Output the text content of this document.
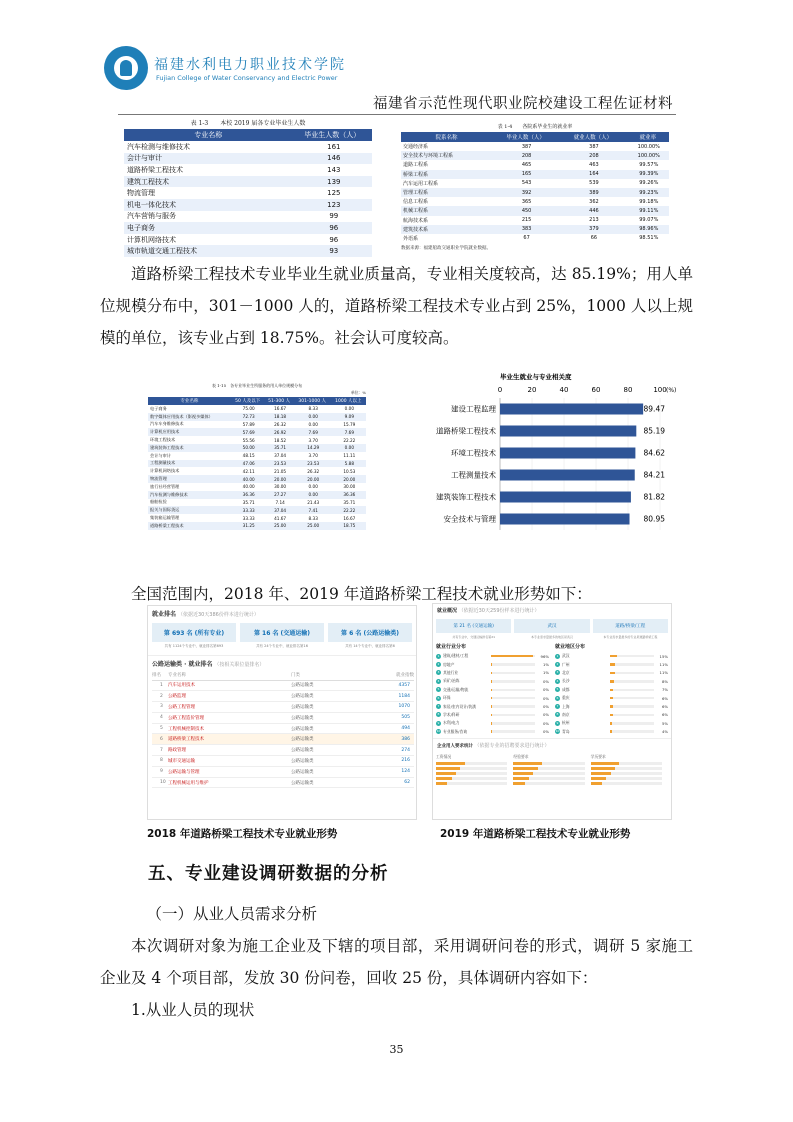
福建水利电力职业技术学院
Fujian College of Water Conservancy and Electric Power
福建省示范性现代职业院校建设工程佐证材料
表 1-3　　本校 2019 届各专业毕业生人数
专业名称	毕业生人数（人）
汽车检测与维修技术	161
会计与审计	146
道路桥梁工程技术	143
建筑工程技术	139
物流管理	125
机电一体化技术	123
汽车营销与服务	99
电子商务	96
计算机网络技术	96
城市轨道交通工程技术	93
表 1-4　　各院系毕业生的就业率
院系名称	毕业人数（人）	就业人数（人）	就业率
交通经济系	387	387	100.00%
安全技术与环境工程系	208	208	100.00%
道路工程系	465	463	99.57%
桥梁工程系	165	164	99.39%
汽车运用工程系	543	539	99.26%
管理工程系	392	389	99.23%
信息工程系	365	362	99.18%
机械工程系	450	446	99.11%
航海技术系	215	213	99.07%
建筑技术系	383	379	98.96%
外语系	67	66	98.51%
数据来源：福建船政交通职业学院就业数据。
道路桥梁工程技术专业毕业生就业质量高，专业相关度较高，达 85.19%；用人单位规模分布中，301－1000 人的，道路桥梁工程技术专业占到 25%，1000 人以上规模的单位，该专业占到 18.75%。社会认可度较高。
表 1-15　各专业毕业生所服务的用人单位规模分布
单位：%
专业名称	50 人及以下	51-300 人	301-1000 人	1000 人以上
电子商务	75.00	16.67	8.33	0.00
数字媒体应用技术（影视多媒体）	72.73	18.18	0.00	9.09
汽车车身维修技术	57.89	26.32	0.00	15.79
计算机应用技术	57.69	26.92	7.69	7.69
环境工程技术	55.56	18.52	3.70	22.22
建筑装饰工程技术	50.00	35.71	14.29	0.00
会计与审计	48.15	37.04	3.70	11.11
工程测量技术	47.06	23.53	23.53	5.88
计算机网络技术	42.11	21.05	26.32	10.53
物流管理	40.00	20.00	20.00	20.00
旅行社经营管理	40.00	30.00	0.00	30.00
汽车检测与维修技术	36.36	27.27	0.00	36.36
船舶检验	35.71	7.14	21.43	35.71
报关与国际货运	33.33	37.04	7.41	22.22
集装箱运输管理	33.33	41.67	8.33	16.67
道路桥梁工程技术	31.25	25.00	25.00	18.75
毕业生就业与专业相关度
0	20	40	60	80	100 (%)
建设工程监理	89.47
道路桥梁工程技术	85.19
环境工程技术	84.62
工程测量技术	84.21
建筑装饰工程技术	81.82
安全技术与管理	80.95
全国范围内，2018 年、2019 年道路桥梁工程技术就业形势如下：
就业排名 （依据近30天386份样本进行统计）
第 693 名 (所有专业)	第 16 名 (交通运输)	第 6 名 (公路运输类)
共有 1124个专业中，就业排名第693	共有 24个专业中，就业排名第16	共有 14个专业中，就业排名第6
公路运输类 · 就业排名 （按相关职位量排名）
排名	专业名称	门类	就业指数
1	汽车运用技术	公路运输类	4357
2	公路监理	公路运输类	1184
3	公路工程管理	公路运输类	1070
4	公路工程造价管理	公路运输类	505
5	工程机械控制技术	公路运输类	494
6	道路桥梁工程技术	公路运输类	386
7	路政管理	公路运输类	274
8	城市交通运输	公路运输类	216
9	公路运输与管理	公路运输类	124
10	工程机械运用与维护	公路运输类	62
就业概况 （依据近30天259份样本进行统计）
第 21 名 (交通运输)	武汉	道路/桥梁/工程
共有专业中，交通运输排名第21	本专业需求量最多的地区是武汉	本专业需求量最多的专业是道路桥梁工程
就业行业分布
1 建筑/建材/工程	96%
2 房地产	1%
3 其他行业	1%
4 采矿/冶炼	0%
5 交通/运输/物流	0%
6 环保	0%
7 家居/室内设计/装潢	0%
8 学术/科研	0%
9 水利/电力	0%
10 专业服务/咨询	0%
就业地区分布
1 武汉	15%
2 广州	11%
3 北京	11%
4 长沙	8%
5 成都	7%
6 重庆	6%
7 上海	6%
8 南京	6%
9 杭州	5%
10 青岛	4%
企业用人要求统计 （依据专业的招聘要求进行统计）
工资情况	经验要求	学历要求
2018 年道路桥梁工程技术专业就业形势	2019 年道路桥梁工程技术专业就业形势
五、专业建设调研数据的分析
（一）从业人员需求分析
本次调研对象为施工企业及下辖的项目部，采用调研问卷的形式，调研 5 家施工企业及 4 个项目部，发放 30 份问卷，回收 25 份，具体调研内容如下：
1.从业人员的现状
35
